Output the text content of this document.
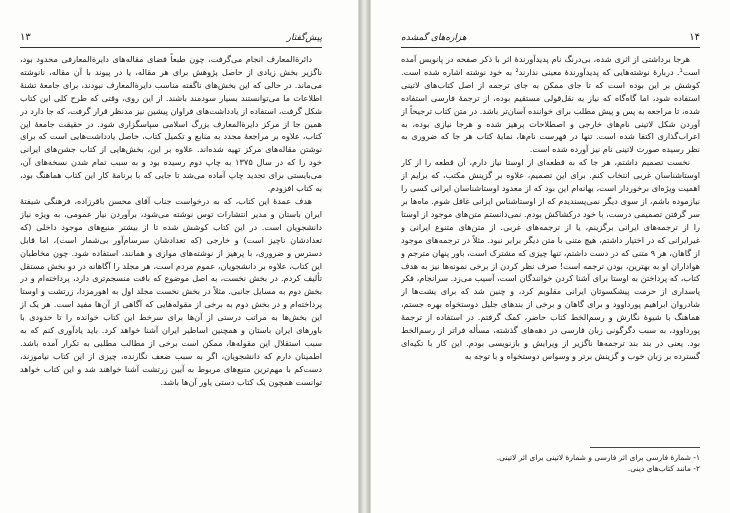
۱۳	پیش‌گفتار

دائرةالمعارف انجام می‌گرفت، چون طبعاً فضای مقاله‌های دایرةالمعارفی محدود بود، ناگزیر بخش زیادی از حاصل پژوهش برای هر مقاله، یا در پیوند با آن مقاله، نانوشته می‌ماند. در حالی که این بخش‌های ناگفته مناسب دایرةالمعارف نبودند، برای جامعهٔ تشنهٔ اطلاعات ما می‌توانستند بسیار سودمند باشند. از این روی، وقتی که طرح کلی این کتاب شکل گرفت، استفاده از یادداشت‌های فراوان پیشین نیز مدنظر قرار گرفت، که جا دارد در همین جا از مرکز دایرةالمعارف بزرگ اسلامی سپاسگزاری شود. در حقیقت جامعهٔ این کتاب، علاوه بر مراجعهٔ مجدد به منابع و تکمیل کتاب، حاصل یادداشت‌هایی است که برای نوشتن مقاله‌های مرکز تهیه شده‌اند. علاوه بر این، بخش‌هایی از کتاب جشن‌های ایرانی خود را که در سال ۱۳۷۵ به چاپ دوم رسیده بود و به سبب تمام شدن نسخه‌های آن، می‌بایستی برای تجدید چاپ آماده می‌شد تا جایی که با برنامهٔ کار این کتاب هماهنگ بود، به کتاب افزودم.

هدف عمدهٔ این کتاب، که به درخواست جناب آقای محسن باقرزاده، فرهنگی شیفتهٔ ایران باستان و مدیر انتشارات توس نوشته می‌شود، برآوردن نیاز عمومی، به ویژه نیاز دانشجویان است. در این کتاب کوشش شده تا از بیشتر منبع‌های موجود داخلی (که تعدادشان ناچیز است) و خارجی (که تعدادشان سرسام‌آور بی‌شمار است)، اما قابل دسترس و ضروری، با پرهیز از نوشته‌های موازی و همانند، استفاده شود. چون مخاطبان این کتاب، علاوه بر دانشجویان، عموم مردم است، هر مجلد را آگاهانه در دو بخش مستقل تألیف کردم. در بخش نخست، به اصل موضوع که بافت منسجم‌تری دارد، پرداخته‌ام و در بخش دوم به مسایل جانبی. مثلاً در بخش نخست مجلد اول به اهورمزدا، زرتشت و اوستا پرداخته‌ام و در بخش دوم به برخی از مقوله‌هایی که آگاهی از آن‌ها مفید است. هر یک از این بخش‌ها به مراتب درستی از آن‌ها برای سرخط این کتاب خوانده را تا حدودی با باورهای ایران باستان و همچنین اساطیر ایران آشنا خواهد کرد. باید یادآوری کنم که به سبب استقلال این مقوله‌ها، ممکن است برخی از مطالب مطلبی به تکرار آمده باشد. اطمینان دارم که دانشجویان، اگر به سبب ضعف نگارنده، چیزی از این کتاب نیاموزند، دست‌کم با مهم‌ترین منبع‌های مربوط به آیین زرتشت آشنا خواهند شد و این کتاب خواهد توانست همچون یک کتاب دستی یاور آن‌ها باشد.

۱۴
هزاره‌های گمشده

هرجا برداشتی از اثری شده، بی‌درنگ نام پدیدآورندهٔ اثر با ذکر صفحه در پانویس آمده است¹. دربارهٔ نوشته‌هایی که پدیدآورندهٔ معینی ندارند² به خود نوشته اشاره شده است. کوشش بر این بوده است که تا جای ممکن به جای ترجمه از اصل کتاب‌های لاتینی استفاده شود، اما گاه‌گاه که نیاز به نقل‌قولی مستقیم بوده، از ترجمهٔ فارسی استفاده شده، تا مراجعه به پس و پیش مطلب برای خواننده آسان‌تر باشد. در متن کتاب ترجیحاً از آوردن شکل لاتینی نام‌های خارجی و اصطلاحات پرهیز شده و هرجا نیازی بوده، به اعراب‌گذاری اکتفا شده است. تنها در فهرست نام‌ها، نمایهٔ کتاب هر جا که ضروری به نظر رسیده صورت لاتینی نام نیز آورده شده است.

نخست تصمیم داشتم، هر جا که به قطعه‌ای از اوستا نیاز دارم، آن قطعه را از کار اوستاشناسان غربی انتخاب کنم. برای این تصمیم، علاوه بر گزینش مکتب، که برایم از اهمیت ویژه‌ای برخوردار است، بهانه‌ام این بود که از معدود اوستاشناسان ایرانی کسی را نیازموده باشم، از سوی دیگر نمی‌پسندیدم که از اوستاشناس ایرانی غافل شوم. ماه‌ها بر سر گرفتن تصمیمی درست، با خود درکشاکش بودم. نمی‌دانستم متن‌های موجود از اوستا را از ترجمه‌های ایرانی برگزینم، یا از ترجمه‌های غربی. از متن‌های متنوع ایرانی و غیرایرانی که در اختیار داشتم، هیچ متنی با متن دیگر برابر نبود. مثلاً در ترجمه‌های موجود از گاهان، هر ۹ متنی که در دست داشتم، تنها چیزی که مشترک است، باور پنهان مترجم و هواداران او به بهترین، بودن ترجمه است! صرف نظر کردن از برخی نمونه‌ها نیز به هدف کتاب، که پرداختن به اوستا برای آشنا کردن خوانندگان است، آسیب می‌زد. سرانجام، فکر پاسداری از حرمت پیشکسوتان ایرانی مقلوبم کرد، و چنین شد که برای یشت‌ها از شادروان ابراهیم پورداوود و برای گاهان و برخی از بندهای جلیل دوستخواه بهره جستم، هماهنگ با شیوهٔ نگارش و رسم‌الخط کتاب حاضر، کمک گرفتم. در استفاده از ترجمهٔ پورداوود، به سبب دگرگونی زبان فارسی در دهه‌های گذشته، مسأله فراتر از رسم‌الخط بود. یعنی در بند بند ترجمه‌ها ناگزیر از ویرایش و بازنویسی بودم. این کار با تکیه‌ای گسترده بر زبان خوب و گزینش برتر و وسواس دوستخواه و با توجه به

۱- شمارهٔ فارسی برای اثر فارسی و شمارهٔ لاتینی برای اثر لاتینی.
۲- مانند کتاب‌های دینی.
